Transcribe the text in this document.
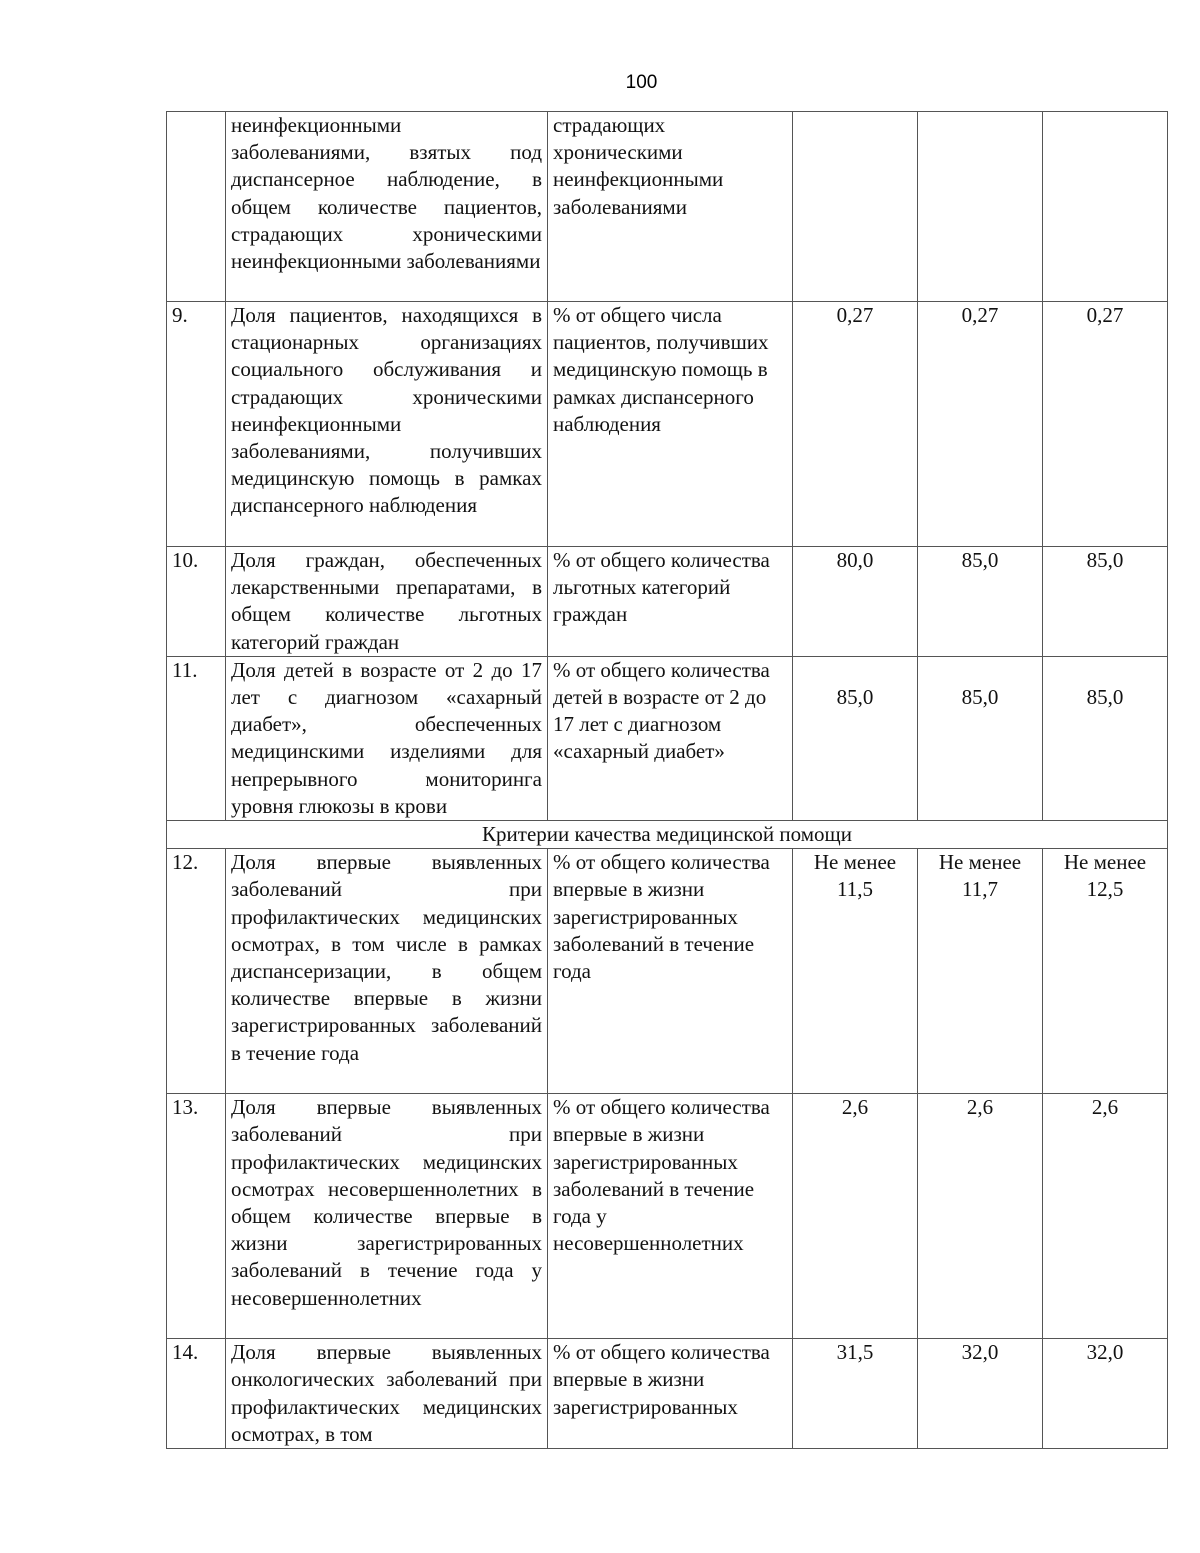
100
	неинфекционными заболеваниями, взятых под диспансерное наблюдение, в общем количестве пациентов, страдающих хроническими неинфекционными заболеваниями	страдающих хроническими неинфекционными заболеваниями			
9.	Доля пациентов, находящихся в стационарных организациях социального обслуживания и страдающих хроническими неинфекционными заболеваниями, получивших медицинскую помощь в рамках диспансерного наблюдения	% от общего числа пациентов, получивших медицинскую помощь в рамках диспансерного наблюдения	0,27	0,27	0,27
10.	Доля граждан, обеспеченных лекарственными препаратами, в общем количестве льготных категорий граждан	% от общего количества льготных категорий граждан	80,0	85,0	85,0
11.	Доля детей в возрасте от 2 до 17 лет с диагнозом «сахарный диабет», обеспеченных медицинскими изделиями для непрерывного мониторинга уровня глюкозы в крови	% от общего количества детей в возрасте от 2 до 17 лет с диагнозом «сахарный диабет»	85,0	85,0	85,0
Критерии качества медицинской помощи					
12.	Доля впервые выявленных заболеваний при профилактических медицинских осмотрах, в том числе в рамках диспансеризации, в общем количестве впервые в жизни зарегистрированных заболеваний в течение года	% от общего количества впервые в жизни зарегистрированных заболеваний в течение года	Не менее 11,5	Не менее 11,7	Не менее 12,5
13.	Доля впервые выявленных заболеваний при профилактических медицинских осмотрах несовершеннолетних в общем количестве впервые в жизни зарегистрированных заболеваний в течение года у несовершеннолетних	% от общего количества впервые в жизни зарегистрированных заболеваний в течение года у несовершеннолетних	2,6	2,6	2,6
14.	Доля впервые выявленных онкологических заболеваний при профилактических медицинских осмотрах, в том	% от общего количества впервые в жизни зарегистрированных	31,5	32,0	32,0
